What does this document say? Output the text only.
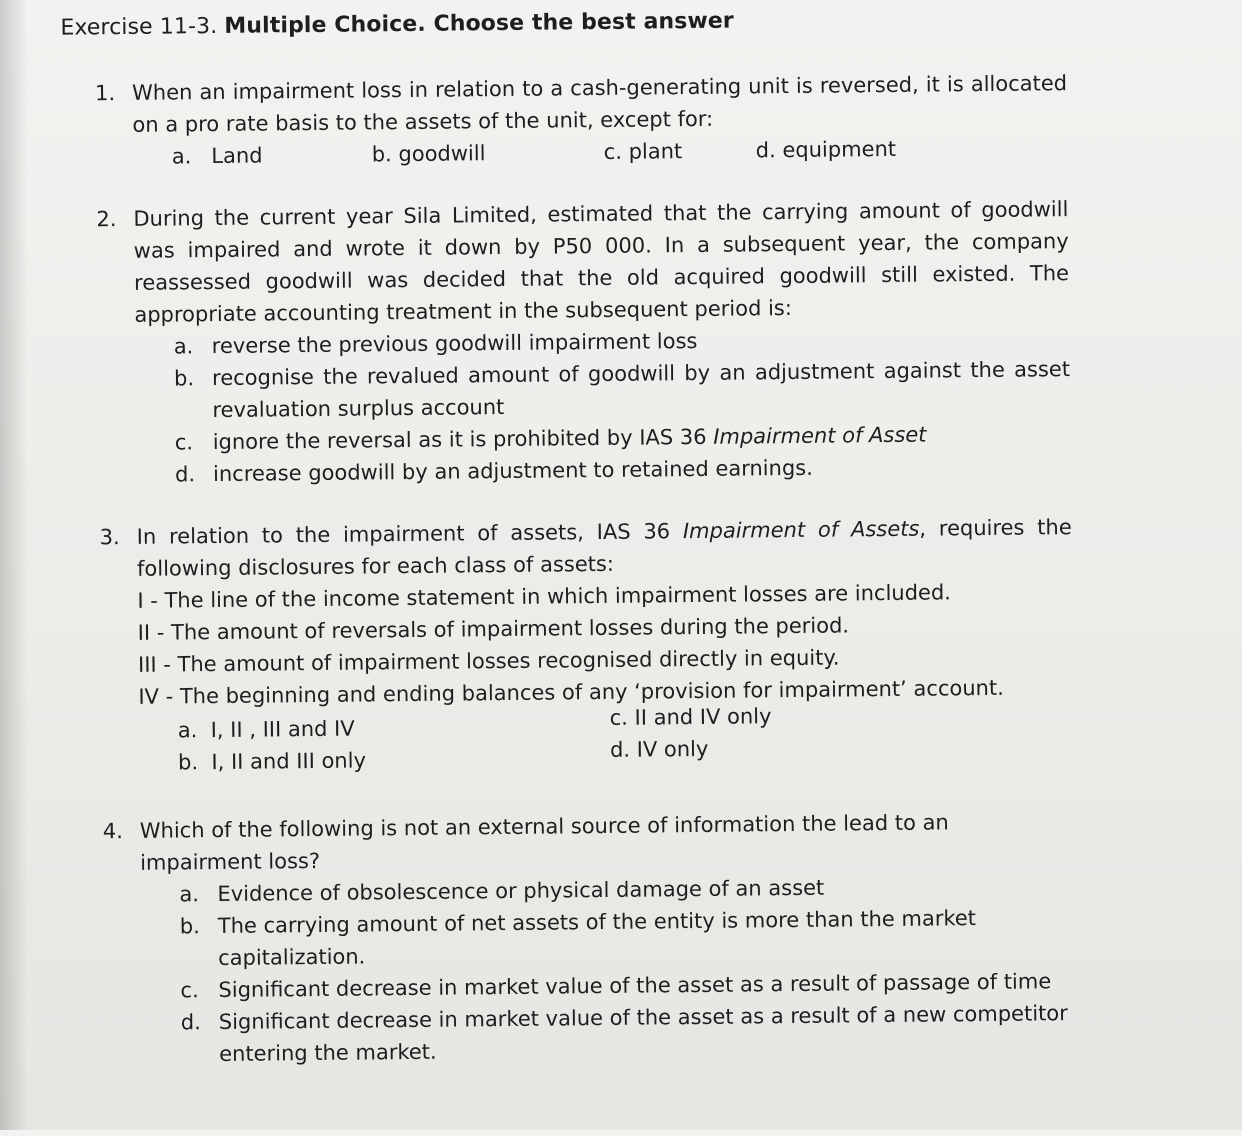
Exercise 11-3. Multiple Choice. Choose the best answer
1. When an impairment loss in relation to a cash-generating unit is reversed, it is allocated on a pro rate basis to the assets of the unit, except for:
a. Land	b. goodwill	c. plant	d. equipment
2. During the current year Sila Limited, estimated that the carrying amount of goodwill was impaired and wrote it down by P50 000. In a subsequent year, the company reassessed goodwill was decided that the old acquired goodwill still existed. The appropriate accounting treatment in the subsequent period is:
a. reverse the previous goodwill impairment loss
b. recognise the revalued amount of goodwill by an adjustment against the asset revaluation surplus account
c. ignore the reversal as it is prohibited by IAS 36 Impairment of Asset
d. increase goodwill by an adjustment to retained earnings.
3. In relation to the impairment of assets, IAS 36 Impairment of Assets, requires the following disclosures for each class of assets:
I - The line of the income statement in which impairment losses are included.
II - The amount of reversals of impairment losses during the period.
III - The amount of impairment losses recognised directly in equity.
IV - The beginning and ending balances of any ‘provision for impairment’ account.
a. I, II , III and IV
b. I, II and III only
c. II and IV only
d. IV only
4. Which of the following is not an external source of information the lead to an impairment loss?
a. Evidence of obsolescence or physical damage of an asset
b. The carrying amount of net assets of the entity is more than the market capitalization.
c. Significant decrease in market value of the asset as a result of passage of time
d. Significant decrease in market value of the asset as a result of a new competitor entering the market.
